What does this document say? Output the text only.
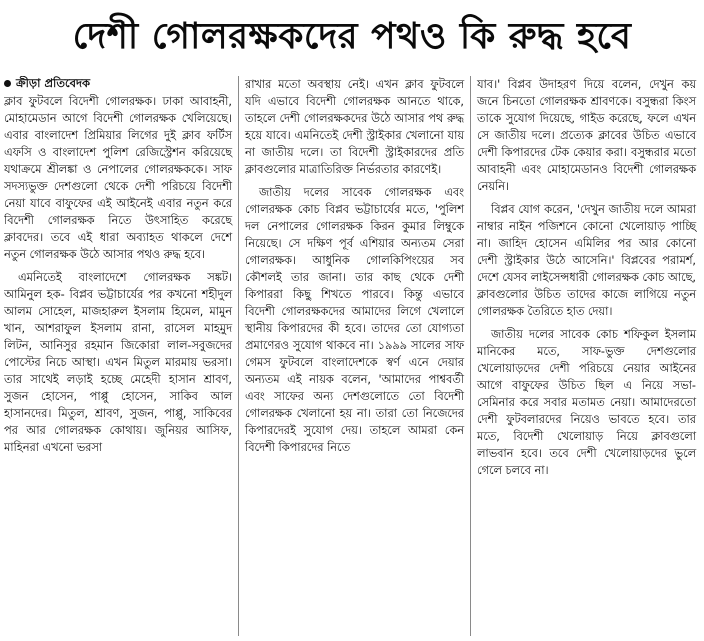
দেশী গোলরক্ষকদের পথও কি রুদ্ধ হবে
ক্রীড়া প্রতিবেদক

ক্লাব ফুটবলে বিদেশী গোলরক্ষক। ঢাকা আবাহনী, মোহামেডান আগে বিদেশী গোলরক্ষক খেলিয়েছে। এবার বাংলাদেশ প্রিমিয়ার লিগের দুই ক্লাব ফর্টিস এফসি ও বাংলাদেশ পুলিশ রেজিস্ট্রেশন করিয়েছে যথাক্রমে শ্রীলঙ্কা ও নেপালের গোলরক্ষককে। সাফ সদস্যভুক্ত দেশগুলো থেকে দেশী পরিচয়ে বিদেশী নেয়া যাবে বাফুফের এই আইনেই এবার নতুন করে বিদেশী গোলরক্ষক নিতে উৎসাহিত করেছে ক্লাবদের। তবে এই ধারা অব্যাহত থাকলে দেশে নতুন গোলরক্ষক উঠে আসার পথও রুদ্ধ হবে।

এমনিতেই বাংলাদেশে গোলরক্ষক সঙ্কট। আমিনুল হক- বিপ্লব ভট্টাচার্যের পর কখনো শহীদুল আলম সোহেল, মাজহারুল ইসলাম হিমেল, মামুন খান, আশরাফুল ইসলাম রানা, রাসেল মাহমুদ লিটন, আনিসুর রহমান জিকোরা লাল-সবুজদের পোস্টের নিচে আস্থা। এখন মিতুল মারমায় ভরসা। তার সাথেই লড়াই হচ্ছে মেহেদী হাসান শ্রাবণ, সুজন হোসেন, পাপ্পু হোসেন, সাকিব আল হাসানদের। মিতুল, শ্রাবণ, সুজন, পাপ্পু, সাকিবের পর আর গোলরক্ষক কোথায়। জুনিয়র আসিফ, মাহিনরা এখনো ভরসা

রাখার মতো অবস্থায় নেই। এখন ক্লাব ফুটবলে যদি এভাবে বিদেশী গোলরক্ষক আনতে থাকে, তাহলে দেশী গোলরক্ষকদের উঠে আসার পথ রুদ্ধ হয়ে যাবে। এমনিতেই দেশী স্ট্রাইকার খেলানো যায় না জাতীয় দলে। তা বিদেশী স্ট্রাইকারদের প্রতি ক্লাবগুলোর মাত্রাতিরিক্ত নির্ভরতার কারণেই।

জাতীয় দলের সাবেক গোলরক্ষক এবং গোলরক্ষক কোচ বিপ্লব ভট্টাচার্যের মতে, 'পুলিশ দল নেপালের গোলরক্ষক কিরন কুমার লিম্বুকে নিয়েছে। সে দক্ষিণ পূর্ব এশিয়ার অন্যতম সেরা গোলরক্ষক। আধুনিক গোলকিপিংয়ের সব কৌশলই তার জানা। তার কাছ থেকে দেশী কিপাররা কিছু শিখতে পারবে। কিন্তু এভাবে বিদেশী গোলরক্ষকদের আমাদের লিগে খেলালে স্থানীয় কিপারদের কী হবে। তাদের তো যোগ্যতা প্রমাণেরও সুযোগ থাকবে না। ১৯৯৯ সালের সাফ গেমস ফুটবলে বাংলাদেশকে স্বর্ণ এনে দেয়ার অন্যতম এই নায়ক বলেন, 'আমাদের পাশ্ববর্তী এবং সাফের অন্য দেশগুলোতে তো বিদেশী গোলরক্ষক খেলানো হয় না। তারা তো নিজেদের কিপারদেরই সুযোগ দেয়। তাহলে আমরা কেন বিদেশী কিপারদের নিতে

যাব।' বিপ্লব উদাহরণ দিয়ে বলেন, দেখুন কয় জনে চিনতো গোলরক্ষক শ্রাবণকে। বসুন্ধরা কিংস তাকে সুযোগ দিয়েছে, গাইড করেছে, ফলে এখন সে জাতীয় দলে। প্রত্যেক ক্লাবের উচিত এভাবে দেশী কিপারদের টেক কেয়ার করা। বসুন্ধরার মতো আবাহনী এবং মোহামেডানও বিদেশী গোলরক্ষক নেয়নি।

বিপ্লব যোগ করেন, 'দেখুন জাতীয় দলে আমরা নাম্বার নাইন পজিশনে কোনো খেলোয়াড় পাচ্ছি না। জাহিদ হোসেন এমিলির পর আর কোনো দেশী স্ট্রাইকার উঠে আসেনি।' বিপ্লবের পরামর্শ, দেশে যেসব লাইসেন্সধারী গোলরক্ষক কোচ আছে, ক্লাবগুলোর উচিত তাদের কাজে লাগিয়ে নতুন গোলরক্ষক তৈরিতে হাত দেয়া।

জাতীয় দলের সাবেক কোচ শফিকুল ইসলাম মানিকের মতে, সাফ-ভুক্ত দেশগুলোর খেলোয়াড়দের দেশী পরিচয়ে নেয়ার আইনের আগে বাফুফের উচিত ছিল এ নিয়ে সভা-সেমিনার করে সবার মতামত নেয়া। আমাদেরতো দেশী ফুটবলারদের নিয়েও ভাবতে হবে। তার মতে, বিদেশী খেলোয়াড় নিয়ে ক্লাবগুলো লাভবান হবে। তবে দেশী খেলোয়াড়দের ভুলে গেলে চলবে না।
